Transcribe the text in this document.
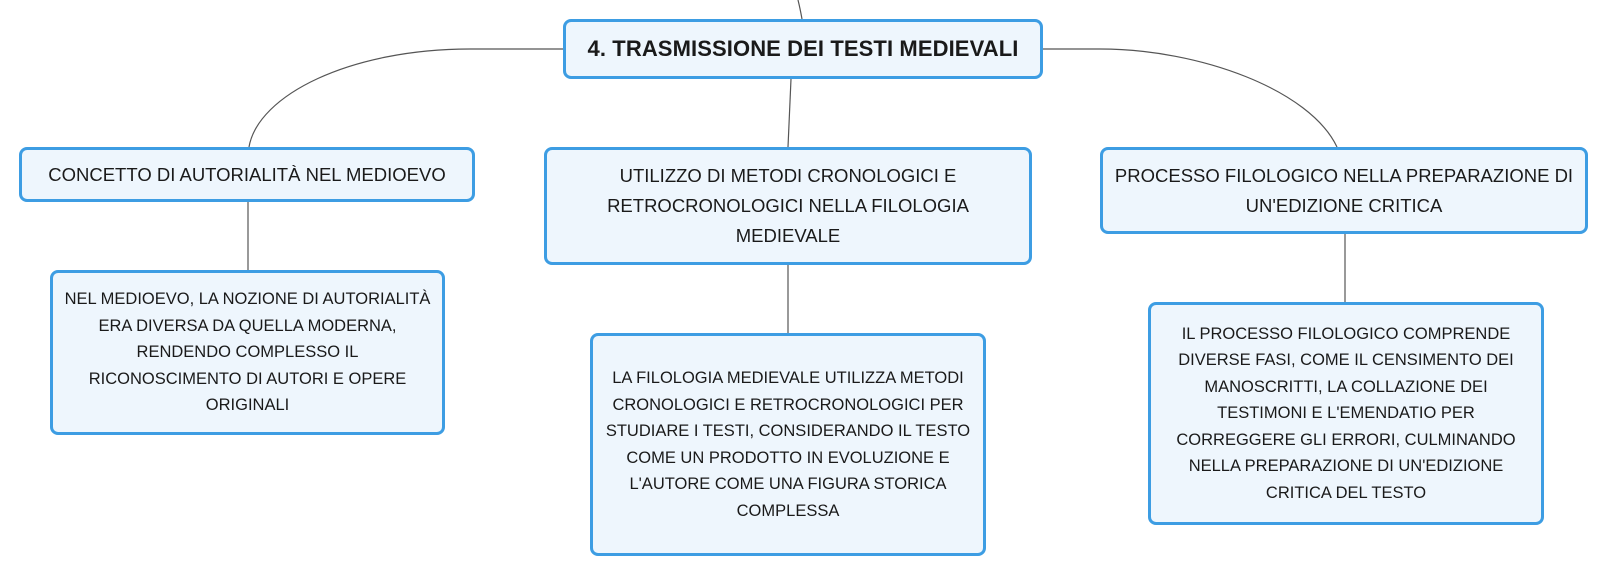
4. TRASMISSIONE DEI TESTI MEDIEVALI
CONCETTO DI AUTORIALITÀ NEL MEDIOEVO	UTILIZZO DI METODI CRONOLOGICI E RETROCRONOLOGICI NELLA FILOLOGIA MEDIEVALE
PROCESSO FILOLOGICO NELLA PREPARAZIONE DI UN'EDIZIONE CRITICA
NEL MEDIOEVO, LA NOZIONE DI AUTORIALITÀ ERA DIVERSA DA QUELLA MODERNA, RENDENDO COMPLESSO IL RICONOSCIMENTO DI AUTORI E OPERE ORIGINALI
LA FILOLOGIA MEDIEVALE UTILIZZA METODI CRONOLOGICI E RETROCRONOLOGICI PER STUDIARE I TESTI, CONSIDERANDO IL TESTO COME UN PRODOTTO IN EVOLUZIONE E L'AUTORE COME UNA FIGURA STORICA COMPLESSA
IL PROCESSO FILOLOGICO COMPRENDE DIVERSE FASI, COME IL CENSIMENTO DEI MANOSCRITTI, LA COLLAZIONE DEI TESTIMONI E L'EMENDATIO PER CORREGGERE GLI ERRORI, CULMINANDO NELLA PREPARAZIONE DI UN'EDIZIONE CRITICA DEL TESTO
